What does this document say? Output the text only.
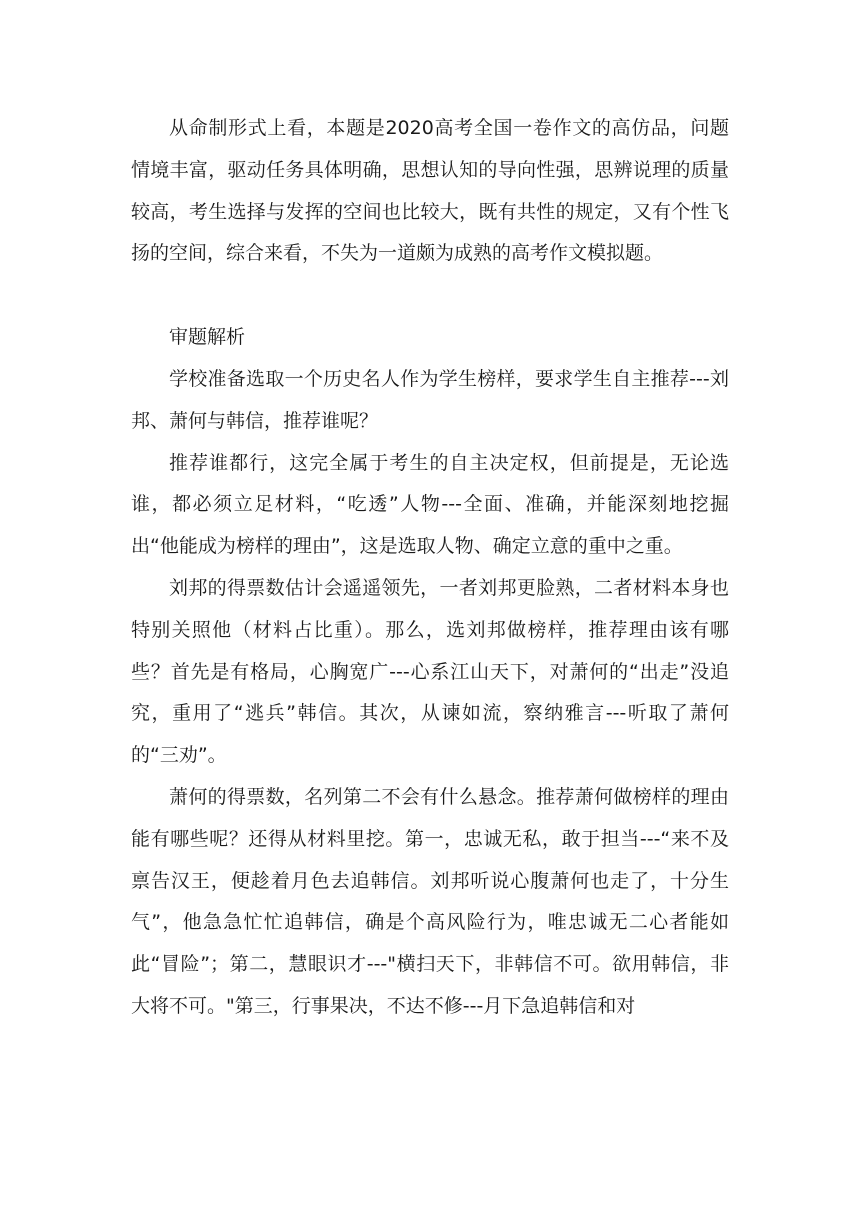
从命制形式上看，本题是2020高考全国一卷作文的高仿品，问题情境丰富，驱动任务具体明确，思想认知的导向性强，思辨说理的质量较高，考生选择与发挥的空间也比较大，既有共性的规定，又有个性飞扬的空间，综合来看，不失为一道颇为成熟的高考作文模拟题。

审题解析

学校准备选取一个历史名人作为学生榜样，要求学生自主推荐---刘邦、萧何与韩信，推荐谁呢？

推荐谁都行，这完全属于考生的自主决定权，但前提是，无论选谁，都必须立足材料，“吃透”人物---全面、准确，并能深刻地挖掘出“他能成为榜样的理由”，这是选取人物、确定立意的重中之重。

刘邦的得票数估计会遥遥领先，一者刘邦更脸熟，二者材料本身也特别关照他（材料占比重）。那么，选刘邦做榜样，推荐理由该有哪些？首先是有格局，心胸宽广---心系江山天下，对萧何的“出走”没追究，重用了“逃兵”韩信。其次，从谏如流，察纳雅言---听取了萧何的“三劝”。

萧何的得票数，名列第二不会有什么悬念。推荐萧何做榜样的理由能有哪些呢？还得从材料里挖。第一，忠诚无私，敢于担当---“来不及禀告汉王，便趁着月色去追韩信。刘邦听说心腹萧何也走了，十分生气”，他急急忙忙追韩信，确是个高风险行为，唯忠诚无二心者能如此“冒险”；第二，慧眼识才---"横扫天下，非韩信不可。欲用韩信，非大将不可。"第三，行事果决，不达不修---月下急追韩信和对
